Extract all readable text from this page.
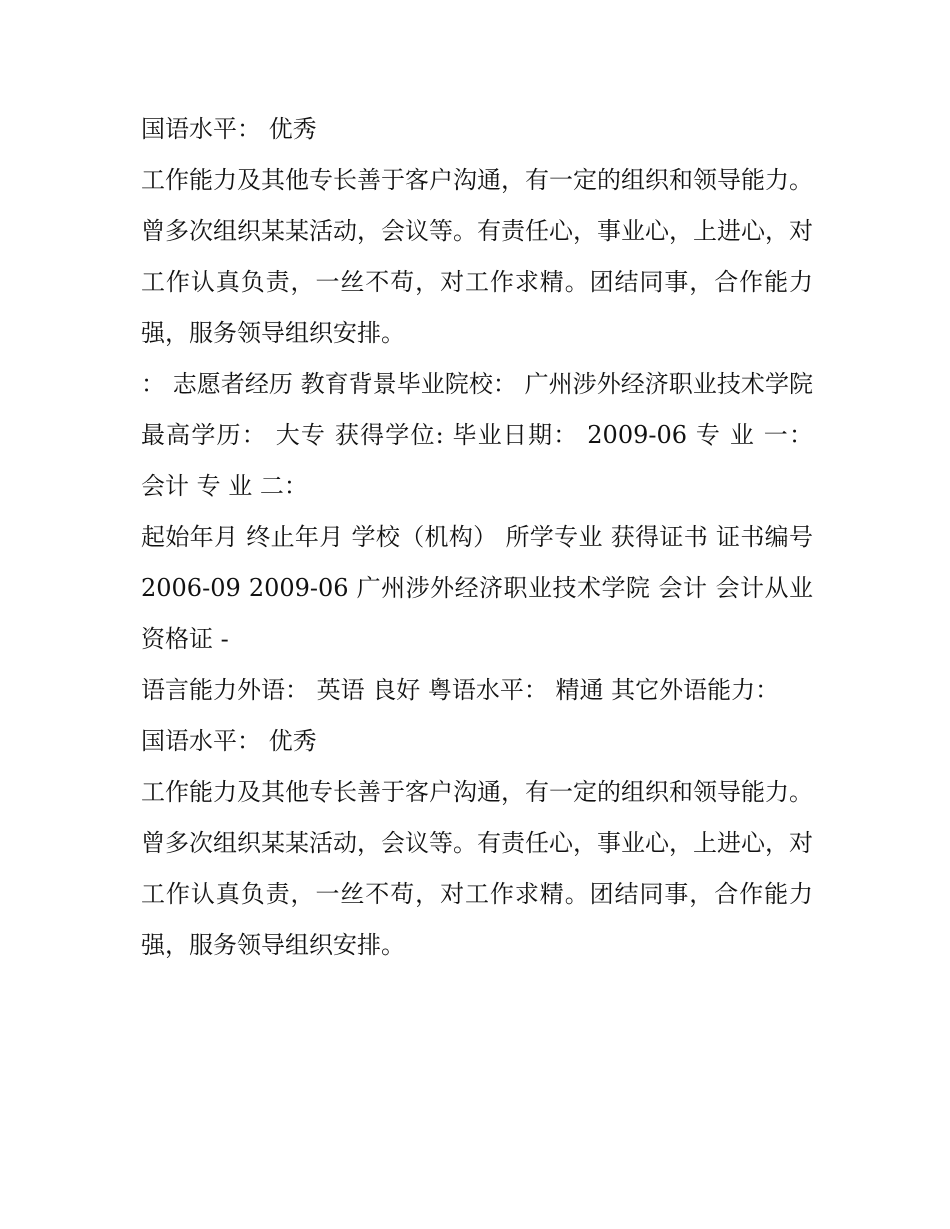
国语水平： 优秀

工作能力及其他专长善于客户沟通，有一定的组织和领导能力。曾多次组织某某活动，会议等。有责任心，事业心，上进心，对工作认真负责，一丝不苟，对工作求精。团结同事，合作能力强，服务领导组织安排。

： 志愿者经历 教育背景毕业院校： 广州涉外经济职业技术学院 最高学历： 大专 获得学位: 毕业日期： 2009-06 专 业 一： 会计 专 业 二：

起始年月 终止年月 学校（机构） 所学专业 获得证书 证书编号 2006-09 2009-06 广州涉外经济职业技术学院 会计 会计从业资格证 -

语言能力外语： 英语 良好 粤语水平： 精通 其它外语能力：

国语水平： 优秀

工作能力及其他专长善于客户沟通，有一定的组织和领导能力。曾多次组织某某活动，会议等。有责任心，事业心，上进心，对工作认真负责，一丝不苟，对工作求精。团结同事，合作能力强，服务领导组织安排。
